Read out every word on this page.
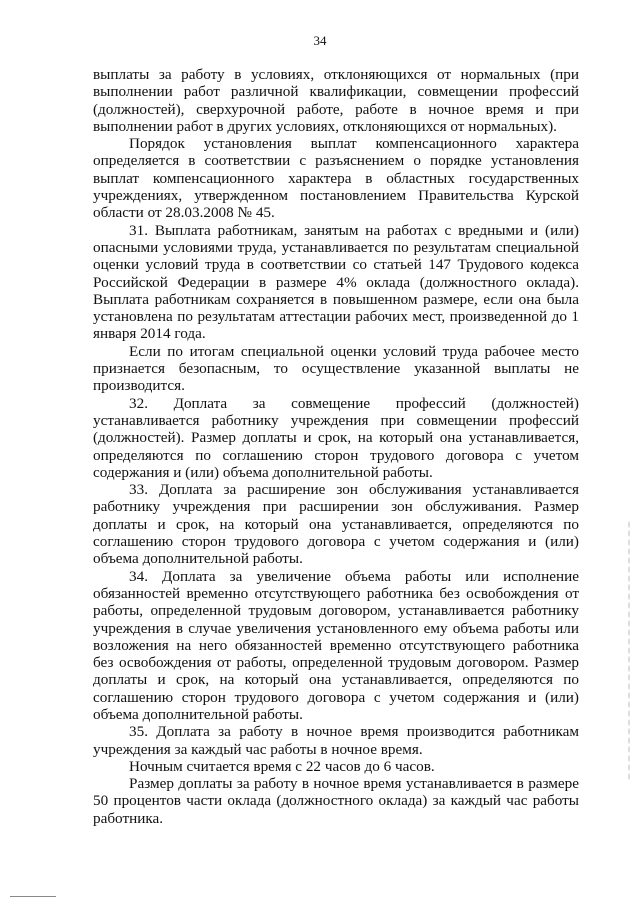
34

выплаты за работу в условиях, отклоняющихся от нормальных (при выполнении работ различной квалификации, совмещении профессий (должностей), сверхурочной работе, работе в ночное время и при выполнении работ в других условиях, отклоняющихся от нормальных).

Порядок установления выплат компенсационного характера определяется в соответствии с разъяснением о порядке установления выплат компенсационного характера в областных государственных учреждениях, утвержденном постановлением Правительства Курской области от 28.03.2008 № 45.

31. Выплата работникам, занятым на работах с вредными и (или) опасными условиями труда, устанавливается по результатам специальной оценки условий труда в соответствии со статьей 147 Трудового кодекса Российской Федерации в размере 4% оклада (должностного оклада). Выплата работникам сохраняется в повышенном размере, если она была установлена по результатам аттестации рабочих мест, произведенной до 1 января 2014 года.

Если по итогам специальной оценки условий труда рабочее место признается безопасным, то осуществление указанной выплаты не производится.

32. Доплата за совмещение профессий (должностей) устанавливается работнику учреждения при совмещении профессий (должностей). Размер доплаты и срок, на который она устанавливается, определяются по соглашению сторон трудового договора с учетом содержания и (или) объема дополнительной работы.

33. Доплата за расширение зон обслуживания устанавливается работнику учреждения при расширении зон обслуживания. Размер доплаты и срок, на который она устанавливается, определяются по соглашению сторон трудового договора с учетом содержания и (или) объема дополнительной работы.

34. Доплата за увеличение объема работы или исполнение обязанностей временно отсутствующего работника без освобождения от работы, определенной трудовым договором, устанавливается работнику учреждения в случае увеличения установленного ему объема работы или возложения на него обязанностей временно отсутствующего работника без освобождения от работы, определенной трудовым договором. Размер доплаты и срок, на который она устанавливается, определяются по соглашению сторон трудового договора с учетом содержания и (или) объема дополнительной работы.

35. Доплата за работу в ночное время производится работникам учреждения за каждый час работы в ночное время.

Ночным считается время с 22 часов до 6 часов.

Размер доплаты за работу в ночное время устанавливается в размере 50 процентов части оклада (должностного оклада) за каждый час работы работника.
